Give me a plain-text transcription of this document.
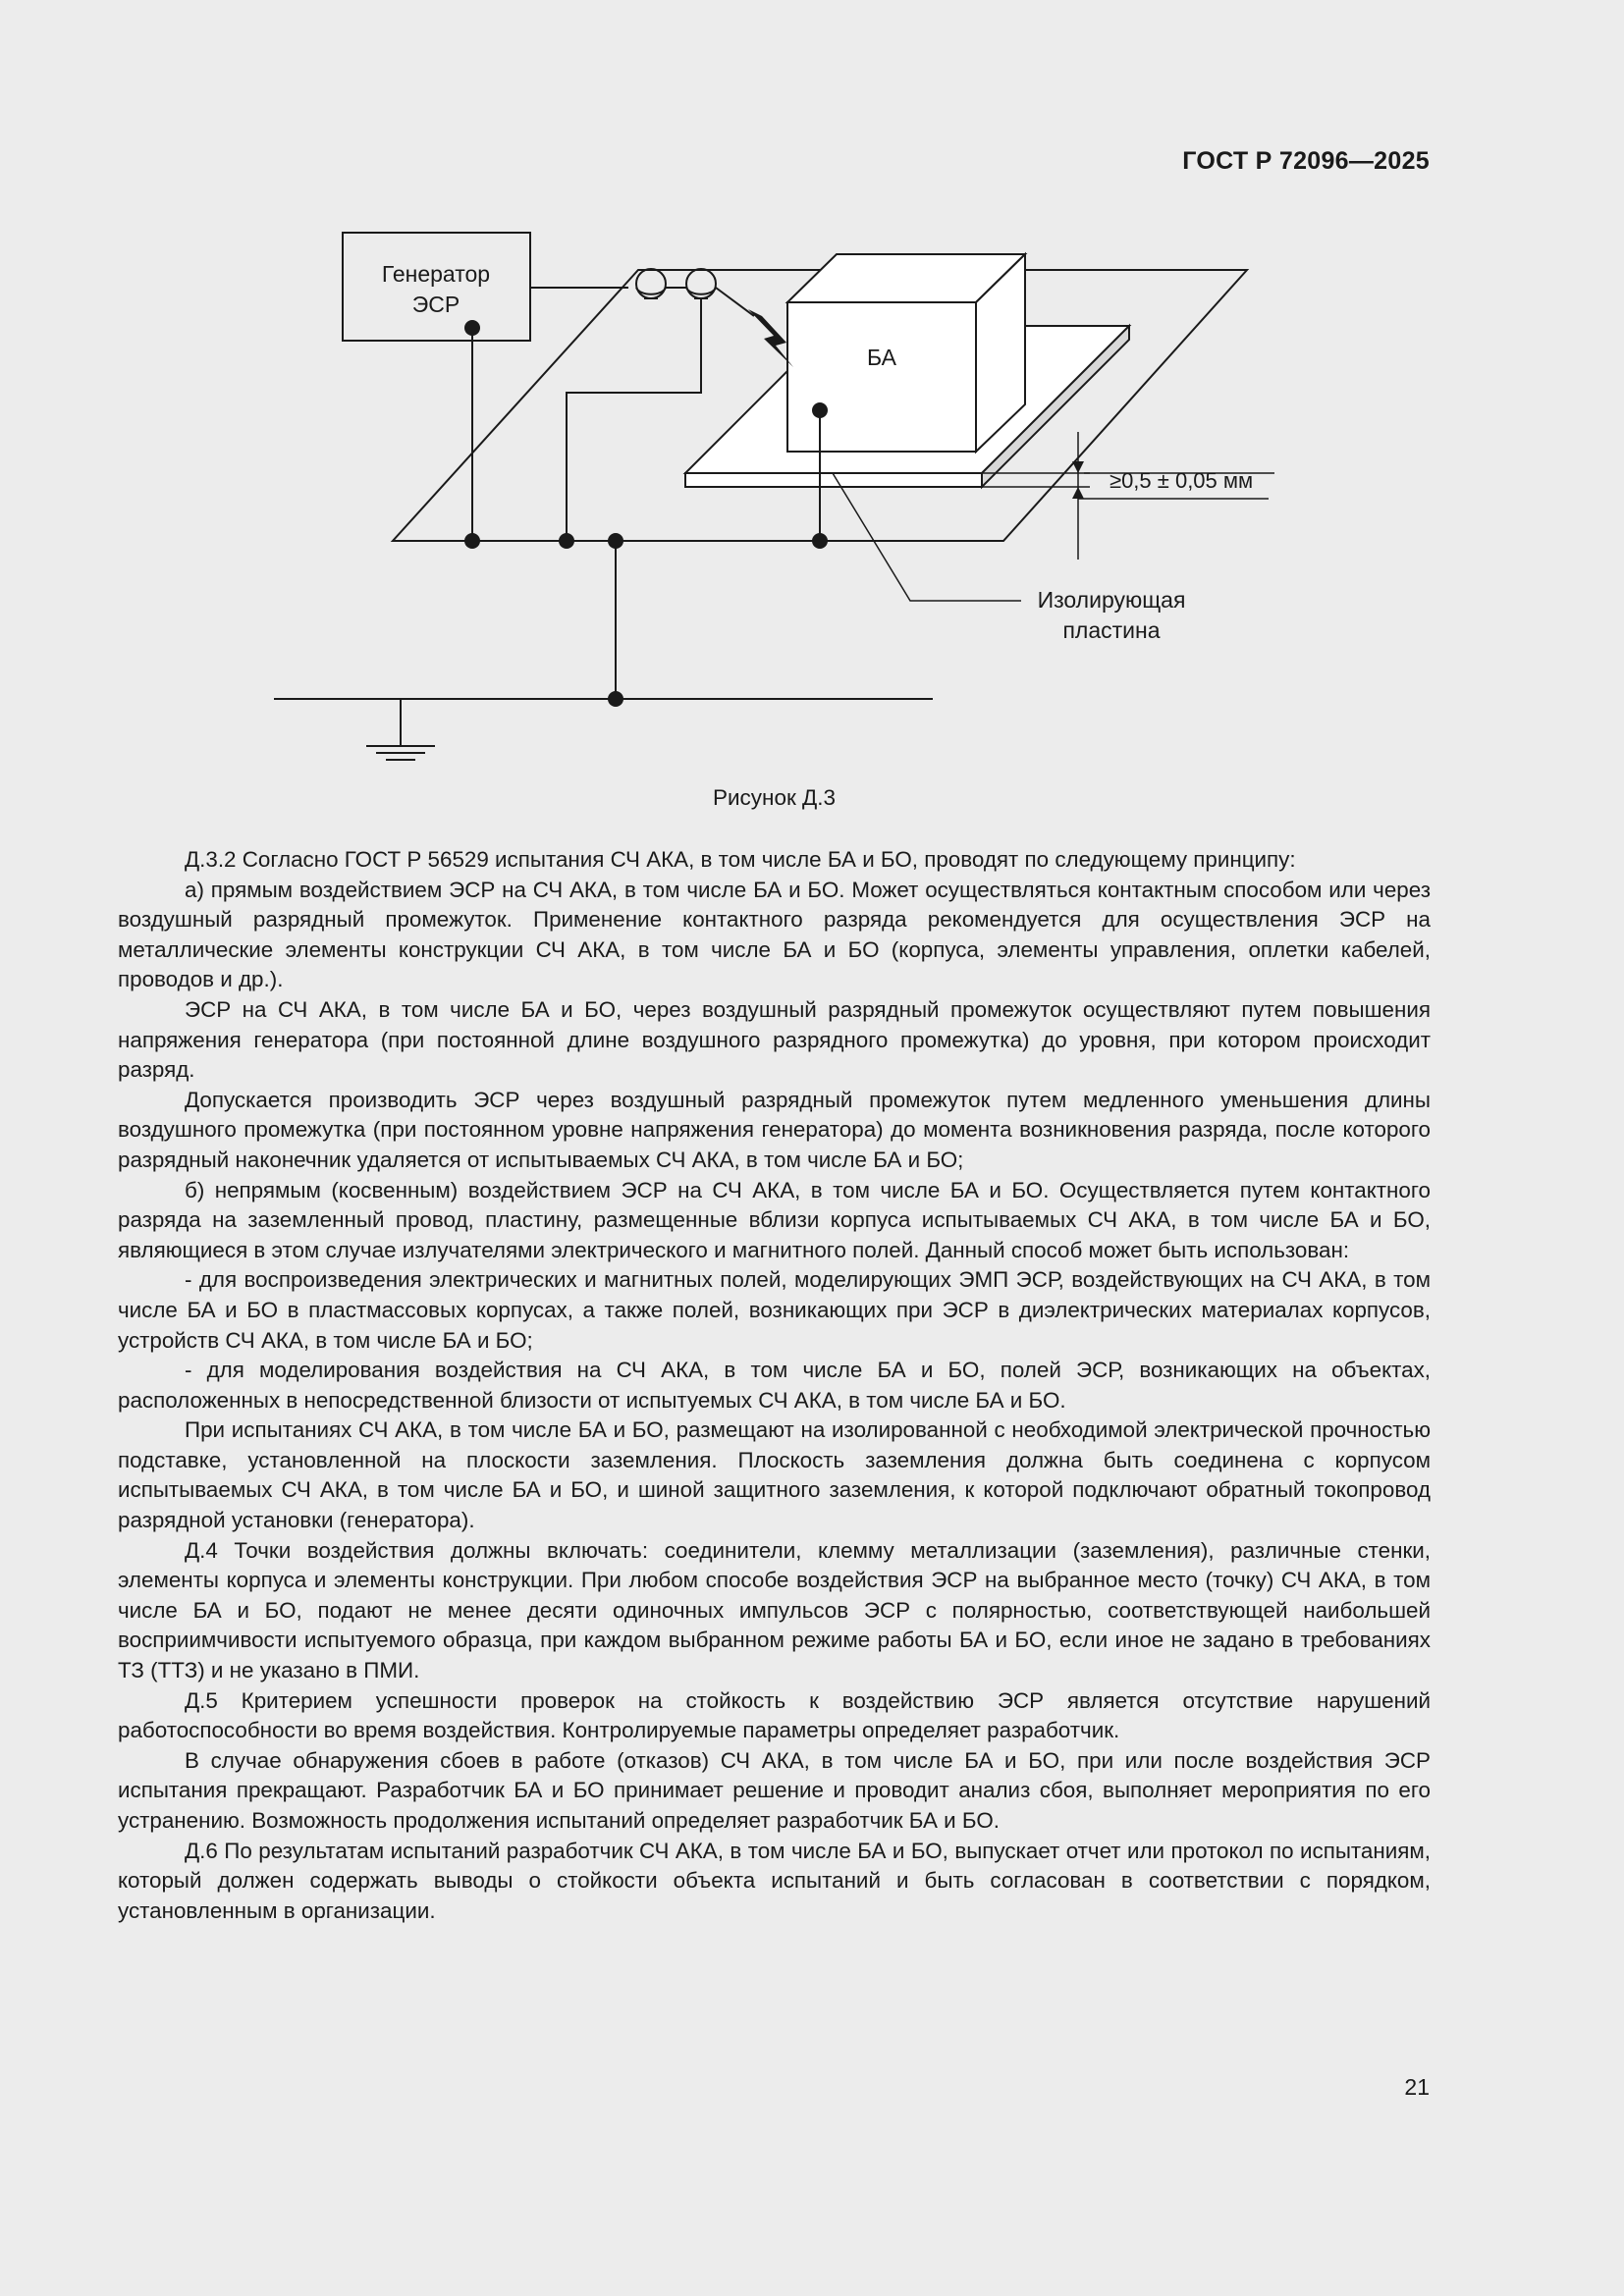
ГОСТ Р 72096—2025
Генератор
ЭСР
БА
≥0,5 ± 0,05 мм
Изолирующая
пластина
Рисунок Д.3

Д.3.2 Согласно ГОСТ Р 56529 испытания СЧ АКА, в том числе БА и БО, проводят по следующему принципу:

а) прямым воздействием ЭСР на СЧ АКА, в том числе БА и БО. Может осуществляться контактным способом или через воздушный разрядный промежуток. Применение контактного разряда рекомендуется для осуществления ЭСР на металлические элементы конструкции СЧ АКА, в том числе БА и БО (корпуса, элементы управления, оплетки кабелей, проводов и др.).

ЭСР на СЧ АКА, в том числе БА и БО, через воздушный разрядный промежуток осуществляют путем повышения напряжения генератора (при постоянной длине воздушного разрядного промежутка) до уровня, при котором происходит разряд.

Допускается производить ЭСР через воздушный разрядный промежуток путем медленного уменьшения длины воздушного промежутка (при постоянном уровне напряжения генератора) до момента возникновения разряда, после которого разрядный наконечник удаляется от испытываемых СЧ АКА, в том числе БА и БО;

б) непрямым (косвенным) воздействием ЭСР на СЧ АКА, в том числе БА и БО. Осуществляется путем контактного разряда на заземленный провод, пластину, размещенные вблизи корпуса испытываемых СЧ АКА, в том числе БА и БО, являющиеся в этом случае излучателями электрического и магнитного полей. Данный способ может быть использован:

- для воспроизведения электрических и магнитных полей, моделирующих ЭМП ЭСР, воздействующих на СЧ АКА, в том числе БА и БО в пластмассовых корпусах, а также полей, возникающих при ЭСР в диэлектрических материалах корпусов, устройств СЧ АКА, в том числе БА и БО;

- для моделирования воздействия на СЧ АКА, в том числе БА и БО, полей ЭСР, возникающих на объектах, расположенных в непосредственной близости от испытуемых СЧ АКА, в том числе БА и БО.

При испытаниях СЧ АКА, в том числе БА и БО, размещают на изолированной с необходимой электрической прочностью подставке, установленной на плоскости заземления. Плоскость заземления должна быть соединена с корпусом испытываемых СЧ АКА, в том числе БА и БО, и шиной защитного заземления, к которой подключают обратный токопровод разрядной установки (генератора).

Д.4 Точки воздействия должны включать: соединители, клемму металлизации (заземления), различные стенки, элементы корпуса и элементы конструкции. При любом способе воздействия ЭСР на выбранное место (точку) СЧ АКА, в том числе БА и БО, подают не менее десяти одиночных импульсов ЭСР с полярностью, соответствующей наибольшей восприимчивости испытуемого образца, при каждом выбранном режиме работы БА и БО, если иное не задано в требованиях ТЗ (ТТЗ) и не указано в ПМИ.

Д.5 Критерием успешности проверок на стойкость к воздействию ЭСР является отсутствие нарушений работоспособности во время воздействия. Контролируемые параметры определяет разработчик.

В случае обнаружения сбоев в работе (отказов) СЧ АКА, в том числе БА и БО, при или после воздействия ЭСР испытания прекращают. Разработчик БА и БО принимает решение и проводит анализ сбоя, выполняет мероприятия по его устранению. Возможность продолжения испытаний определяет разработчик БА и БО.

Д.6 По результатам испытаний разработчик СЧ АКА, в том числе БА и БО, выпускает отчет или протокол по испытаниям, который должен содержать выводы о стойкости объекта испытаний и быть согласован в соответствии с порядком, установленным в организации.

21
